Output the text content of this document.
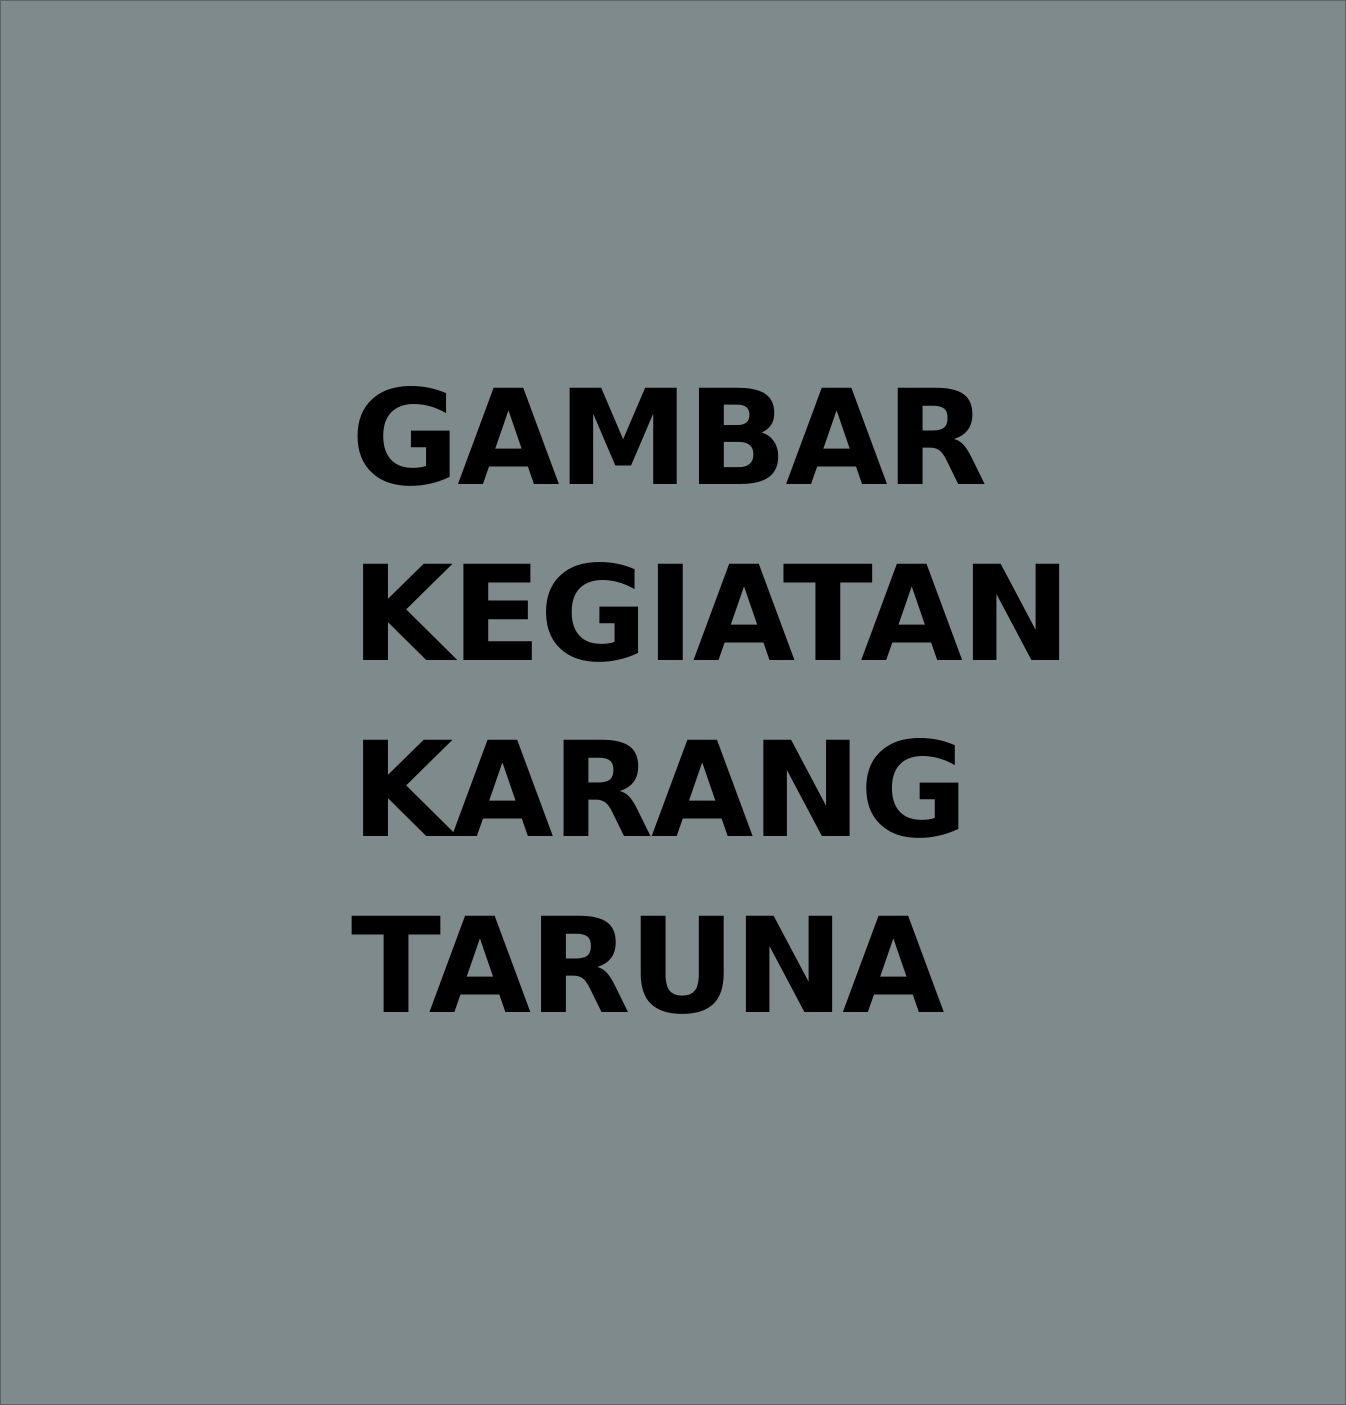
GAMBAR
KEGIATAN
KARANG
TARUNA
